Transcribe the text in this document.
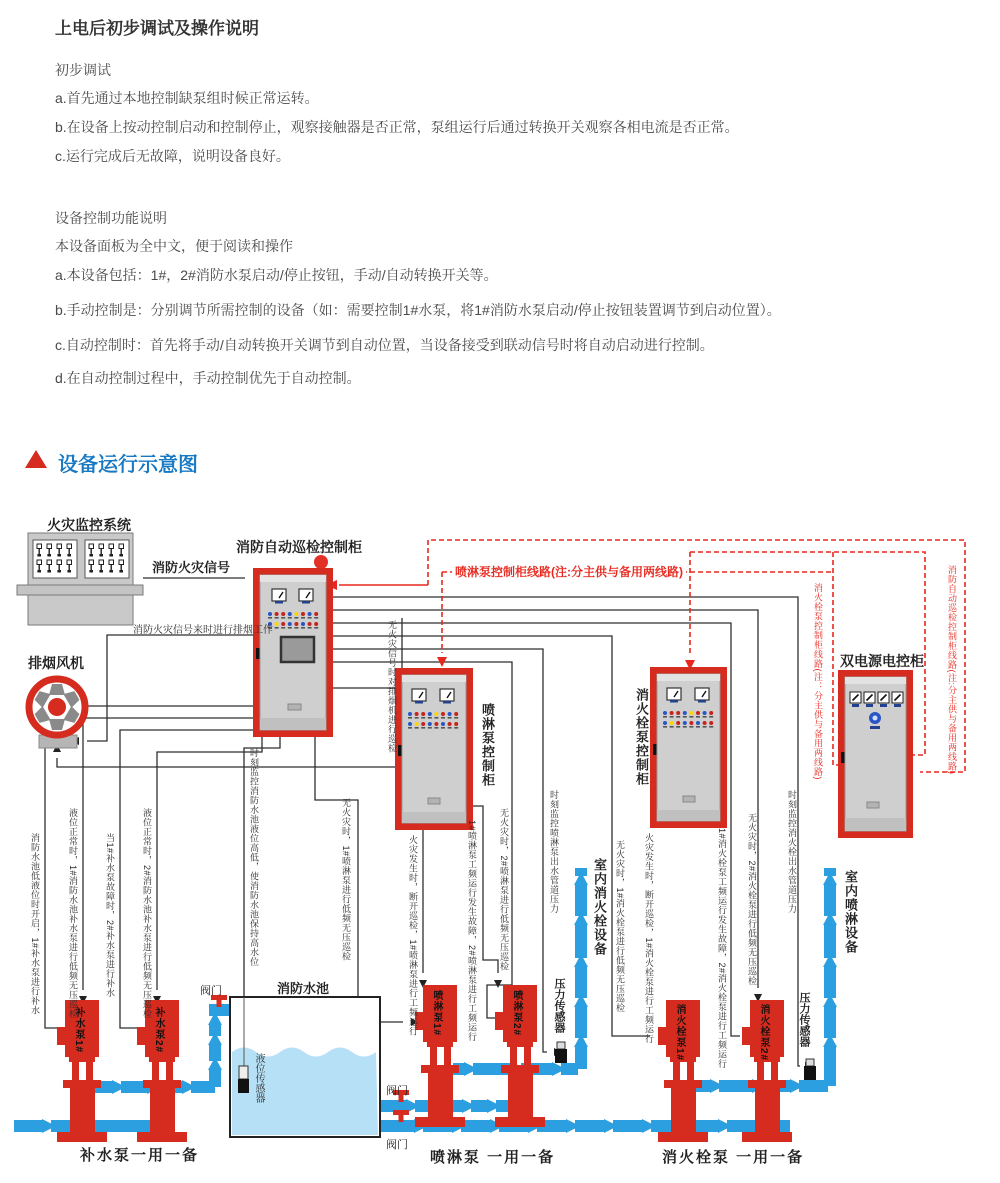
上电后初步调试及操作说明
初步调试
a.首先通过本地控制缺泵组时候正常运转。
b.在设备上按动控制启动和控制停止，观察接触器是否正常，泵组运行后通过转换开关观察各相电流是否正常。
c.运行完成后无故障，说明设备良好。
设备控制功能说明
本设备面板为全中文，便于阅读和操作
a.本设备包括：1#，2#消防水泵启动/停止按钮，手动/自动转换开关等。
b.手动控制是：分别调节所需控制的设备（如：需要控制1#水泵，将1#消防水泵启动/停止按钮装置调节到启动位置）。
c.自动控制时：首先将手动/自动转换开关调节到自动位置，当设备接受到联动信号时将自动启动进行控制。
d.在自动控制过程中，手动控制优先于自动控制。
设备运行示意图
火灾监控系统
消防火灾信号
消防自动巡检控制柜
消防火灾信号来时进行排烟工作
排烟风机
喷淋泵控制柜线路(注:分主供与备用两线路)
消火栓泵控制柜线路(注：分主供与备用两线路)	消防自动巡检控制柜线路(注:分主供与备用两线路)
喷淋泵控制柜	消火栓泵控制柜
双电源电控柜
消防水池
液位传感器
阀门
阀门
阀门
压力传感器	压力传感器
室内消火栓设备	室内喷淋设备
补水泵1#	补水泵2#	喷淋泵1#	喷淋泵2#	消火栓泵1#	消火栓泵2#
补水泵一用一备	喷淋泵 一用一备	消火栓泵 一用一备
消防水池低液位时开启，1#补水泵进行补水	液位正常时，1#消防水池补水泵进行低频无压巡检	当1#补水泵故障时，2#补水泵进行补水	液位正常时，2#消防水池补水泵进行低频无压巡检	时刻监控消防水池液位高低，使消防水池保持高水位	无火灾时，1#喷淋泵进行低频无压巡检
无火灾信号时对排烟机进行巡检
火灾发生时，断开巡检，1#喷淋泵进行工频运行	1#喷淋泵工频运行发生故障，2#喷淋泵进行工频运行 无火灾时，2#喷淋泵进行低频无压巡检	时刻监控喷淋泵出水管道压力	无火灾时，1#消火栓泵进行低频无压巡检 火灾发生时，断开巡检，1#消火栓泵进行工频运行	1#消火栓泵工频运行发生故障，2#消火栓泵进行工频运行 无火灾时，2#消火栓泵进行低频无压巡检	时刻监控消火栓出水管道压力
